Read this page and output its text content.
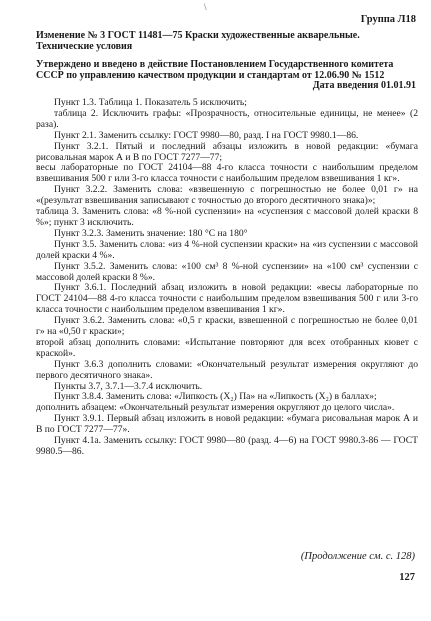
\
Группа Л18
Изменение № 3 ГОСТ 11481—75 Краски художественные акварельные. Технические условия
Утверждено и введено в действие Постановлением Государственного комитета СССР по управлению качеством продукции и стандартам от 12.06.90 № 1512
Дата введения 01.01.91

Пункт 1.3. Таблица 1. Показатель 5 исключить;

таблица 2. Исключить графы: «Прозрачность, относительные единицы, не менее» (2 раза).

Пункт 2.1. Заменить ссылку: ГОСТ 9980—80, разд. I на ГОСТ 9980.1—86.

Пункт 3.2.1. Пятый и последний абзацы изложить в новой редакции: «бумага рисовальная марок А и В по ГОСТ 7277—77;

весы лабораторные по ГОСТ 24104—88 4-го класса точности с наибольшим пределом взвешивания 500 г или 3-го класса точности с наибольшим пределом взвешивания 1 кг».

Пункт 3.2.2. Заменить слова: «взвешенную с погрешностью не более 0,01 г» на «(результат взвешивания записывают с точностью до второго десятичного знака)»;

таблица 3. Заменить слова: «8 %-ной суспензии» на «суспензия с массовой долей краски 8 %»; пункт 3 исключить.

Пункт 3.2.3. Заменить значение: 180 °С на 180°

Пункт 3.5. Заменить слова: «из 4 %-ной суспензии краски» на «из суспензии с массовой долей краски 4 %».

Пункт 3.5.2. Заменить слова: «100 см³ 8 %-ной суспензии» на «100 см³ суспензии с массовой долей краски 8 %».

Пункт 3.6.1. Последний абзац изложить в новой редакции: «весы лабораторные по ГОСТ 24104—88 4-го класса точности с наибольшим пределом взвешивания 500 г или 3-го класса точности с наибольшим пределом взвешивания 1 кг».

Пункт 3.6.2. Заменить слова: «0,5 г краски, взвешенной с погрешностью не более 0,01 г» на «0,50 г краски»;

второй абзац дополнить словами: «Испытание повторяют для всех отобранных кювет с краской».

Пункт 3.6.3 дополнить словами: «Окончательный результат измерения округляют до первого десятичного знака».

Пункты 3.7, 3.7.1—3.7.4 исключить.

Пункт 3.8.4. Заменить слова: «Липкость (X₂) Па» на «Липкость (X₂) в баллах»;

дополнить абзацем: «Окончательный результат измерения округляют до целого числа».

Пункт 3.9.1. Первый абзац изложить в новой редакции: «бумага рисовальная марок А и В по ГОСТ 7277—77».

Пункт 4.1а. Заменить ссылку: ГОСТ 9980—80 (разд. 4—6) на ГОСТ 9980.3-86 — ГОСТ 9980.5—86.

(Продолжение см. с. 128)
127
